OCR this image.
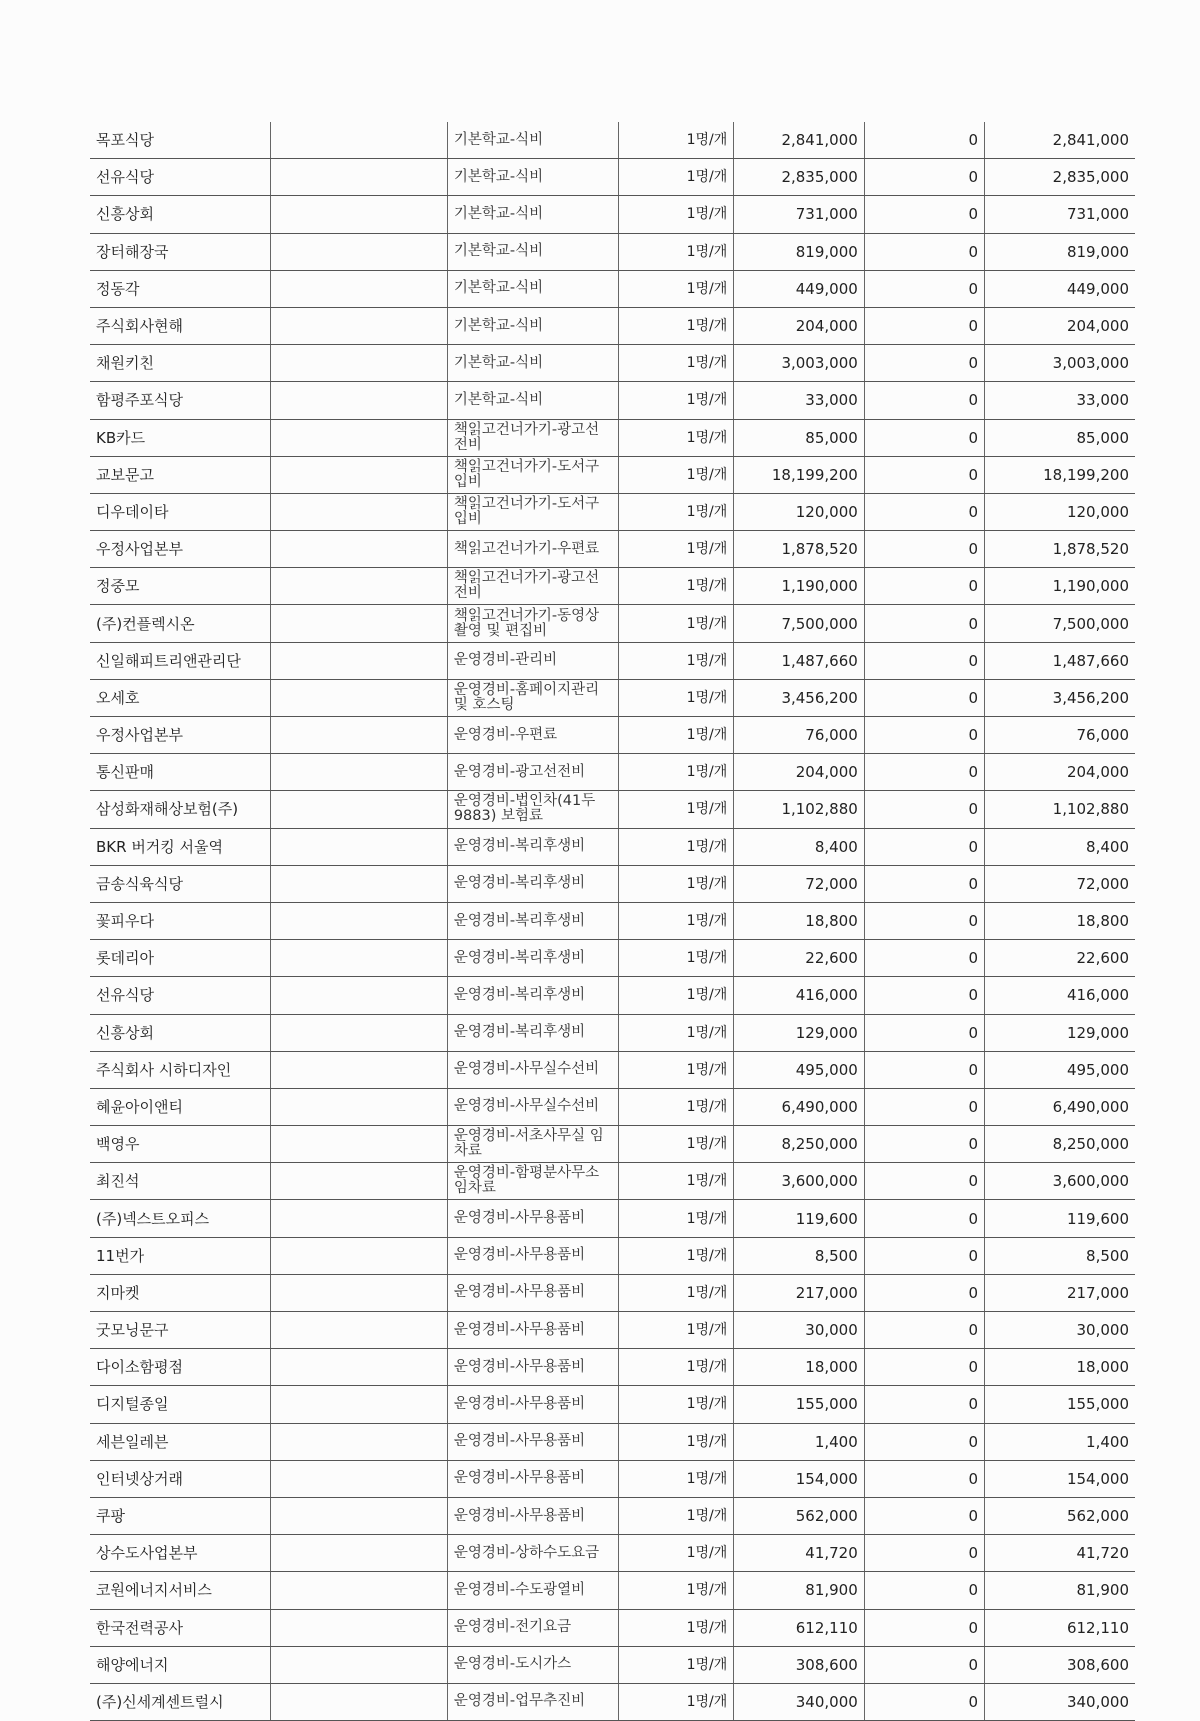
목포식당		기본학교-식비	1명/개	2,841,000	0	2,841,000
선유식당		기본학교-식비	1명/개	2,835,000	0	2,835,000
신흥상회		기본학교-식비	1명/개	731,000	0	731,000
장터해장국		기본학교-식비	1명/개	819,000	0	819,000
정동각		기본학교-식비	1명/개	449,000	0	449,000
주식회사현해		기본학교-식비	1명/개	204,000	0	204,000
채원키친		기본학교-식비	1명/개	3,003,000	0	3,003,000
함평주포식당		기본학교-식비	1명/개	33,000	0	33,000
KB카드		책읽고건너가기-광고선전비	1명/개	85,000	0	85,000
교보문고		책읽고건너가기-도서구입비	1명/개	18,199,200	0	18,199,200
디우데이타		책읽고건너가기-도서구입비	1명/개	120,000	0	120,000
우정사업본부		책읽고건너가기-우편료	1명/개	1,878,520	0	1,878,520
정중모		책읽고건너가기-광고선전비	1명/개	1,190,000	0	1,190,000
(주)컨플렉시온		책읽고건너가기-동영상촬영 및 편집비	1명/개	7,500,000	0	7,500,000
신일해피트리앤관리단		운영경비-관리비	1명/개	1,487,660	0	1,487,660
오세호		운영경비-홈페이지관리 및 호스팅	1명/개	3,456,200	0	3,456,200
우정사업본부		운영경비-우편료	1명/개	76,000	0	76,000
통신판매		운영경비-광고선전비	1명/개	204,000	0	204,000
삼성화재해상보험(주)		운영경비-법인차(41두9883) 보험료	1명/개	1,102,880	0	1,102,880
BKR 버거킹 서울역		운영경비-복리후생비	1명/개	8,400	0	8,400
금송식육식당		운영경비-복리후생비	1명/개	72,000	0	72,000
꽃피우다		운영경비-복리후생비	1명/개	18,800	0	18,800
롯데리아		운영경비-복리후생비	1명/개	22,600	0	22,600
선유식당		운영경비-복리후생비	1명/개	416,000	0	416,000
신흥상회		운영경비-복리후생비	1명/개	129,000	0	129,000
주식회사 시하디자인		운영경비-사무실수선비	1명/개	495,000	0	495,000
혜윤아이앤티		운영경비-사무실수선비	1명/개	6,490,000	0	6,490,000
백영우		운영경비-서초사무실 임차료	1명/개	8,250,000	0	8,250,000
최진석		운영경비-함평분사무소 임차료	1명/개	3,600,000	0	3,600,000
(주)넥스트오피스		운영경비-사무용품비	1명/개	119,600	0	119,600
11번가		운영경비-사무용품비	1명/개	8,500	0	8,500
지마켓		운영경비-사무용품비	1명/개	217,000	0	217,000
굿모닝문구		운영경비-사무용품비	1명/개	30,000	0	30,000
다이소함평점		운영경비-사무용품비	1명/개	18,000	0	18,000
디지털종일		운영경비-사무용품비	1명/개	155,000	0	155,000
세븐일레븐		운영경비-사무용품비	1명/개	1,400	0	1,400
인터넷상거래		운영경비-사무용품비	1명/개	154,000	0	154,000
쿠팡		운영경비-사무용품비	1명/개	562,000	0	562,000
상수도사업본부		운영경비-상하수도요금	1명/개	41,720	0	41,720
코원에너지서비스		운영경비-수도광열비	1명/개	81,900	0	81,900
한국전력공사		운영경비-전기요금	1명/개	612,110	0	612,110
해양에너지		운영경비-도시가스	1명/개	308,600	0	308,600
(주)신세계센트럴시		운영경비-업무추진비	1명/개	340,000	0	340,000
